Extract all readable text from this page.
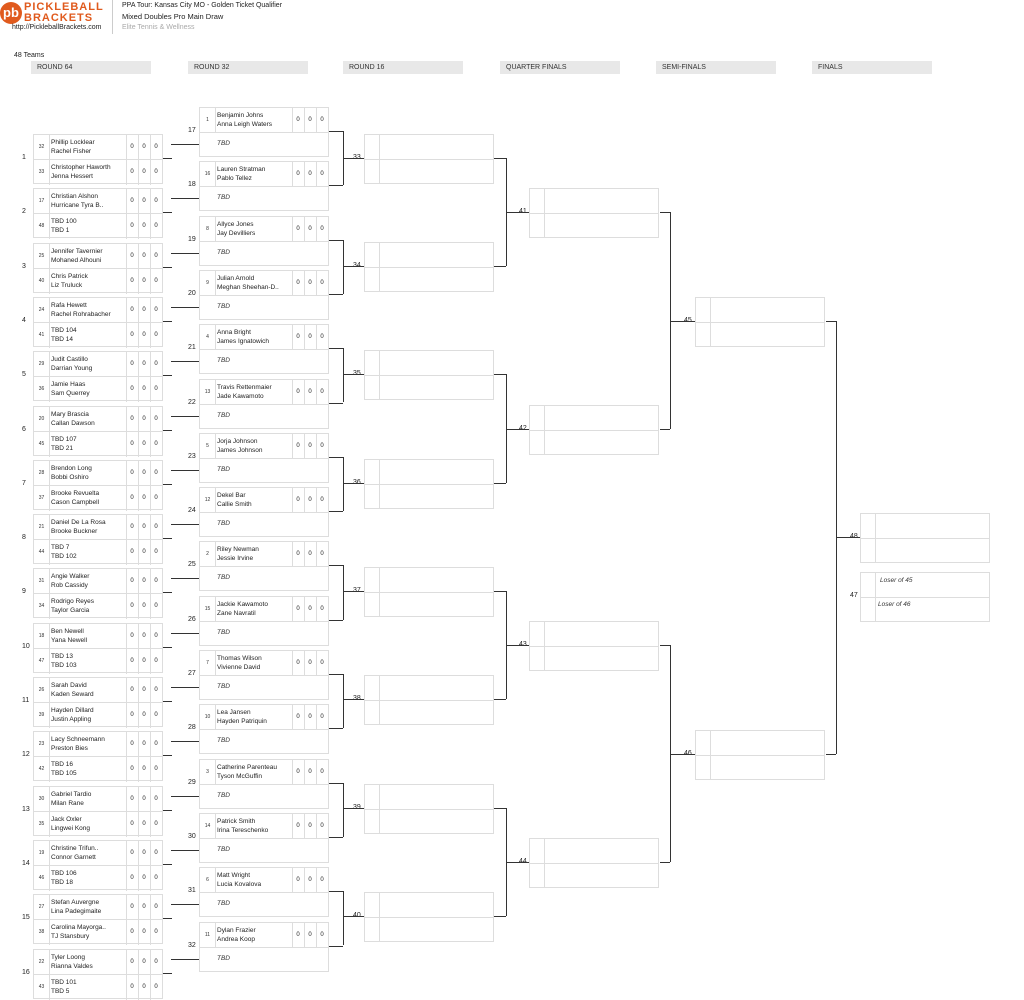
pb PICKLEBALL
BRACKETS
http://PickleballBrackets.com
PPA Tour: Kansas City MO - Golden Ticket Qualifier
Mixed Doubles Pro Main Draw
Elite Tennis & Wellness
48 Teams
ROUND 64	ROUND 32	ROUND 16	QUARTER FINALS	SEMI-FINALS	FINALS
32
Phillip Locklear
Rachel Fisher
0	0	0
33
Christopher Haworth
Jenna Hessert
0	0	0
1
17
Christian Alshon
Hurricane Tyra B..
0	0	0
48
TBD 100
TBD 1
0	0	0
2
25
Jennifer Tavernier
Mohaned Alhouni
0	0	0
40
Chris Patrick
Liz Truluck
0	0	0
3
24
Rafa Hewett
Rachel Rohrabacher
0	0	0
41
TBD 104
TBD 14
0	0	0
4
29
Judit Castillo
Darrian Young
0	0	0
36
Jamie Haas
Sam Querrey
0	0	0
5
20
Mary Brascia
Callan Dawson
0	0	0
45
TBD 107
TBD 21
0	0	0
6
28
Brendon Long
Bobbi Oshiro
0	0	0
37
Brooke Revuelta
Cason Campbell
0	0	0
7
21
Daniel De La Rosa
Brooke Buckner
0	0	0
44
TBD 7
TBD 102
0	0	0
8
31
Angie Walker
Rob Cassidy
0	0	0
34
Rodrigo Reyes
Taylor Garcia
0	0	0
9
18
Ben Newell
Yana Newell
0	0	0
47
TBD 13
TBD 103
0	0	0
10
26
Sarah David
Kaden Seward
0	0	0
39
Hayden Dillard
Justin Appling
0	0	0
11
23
Lacy Schneemann
Preston Bies
0	0	0
42
TBD 16
TBD 105
0	0	0
12
30
Gabriel Tardio
Milan Rane
0	0	0
35
Jack Oxler
Lingwei Kong
0	0	0
13
19
Christine Trifun..
Connor Garnett
0	0	0
46
TBD 106
TBD 18
0	0	0
14
27
Stefan Auvergne
Lina Padegimaite
0	0	0
38
Carolina Mayorga..
TJ Stansbury
0	0	0
15
22
Tyler Loong
Rianna Valdes
0	0	0
43
TBD 101
TBD 5
0	0	0
16
1
Benjamin Johns
Anna Leigh Waters
0	0	0
TBD
17
16
Lauren Stratman
Pablo Tellez
0	0	0
TBD
18
8
Allyce Jones
Jay Devilliers
0	0	0
TBD
19
9
Julian Arnold
Meghan Sheehan-D..
0	0	0
TBD
20
4
Anna Bright
James Ignatowich
0	0	0
TBD
21
13
Travis Rettenmaier
Jade Kawamoto
0	0	0
TBD
22
5
Jorja Johnson
James Johnson
0	0	0
TBD
23
12
Dekel Bar
Callie Smith
0	0	0
TBD
24
2
Riley Newman
Jessie Irvine
0	0	0
TBD
25
15
Jackie Kawamoto
Zane Navratil
0	0	0
TBD
26
7
Thomas Wilson
Vivienne David
0	0	0
TBD
27
10
Lea Jansen
Hayden Patriquin
0	0	0
TBD
28
3
Catherine Parenteau
Tyson McGuffin
0	0	0
TBD
29
14
Patrick Smith
Irina Tereschenko
0	0	0
TBD
30
6
Matt Wright
Lucia Kovalova
0	0	0
TBD
31
11
Dylan Frazier
Andrea Koop
0	0	0
TBD
32
Loser of 45
Loser of 46
47
